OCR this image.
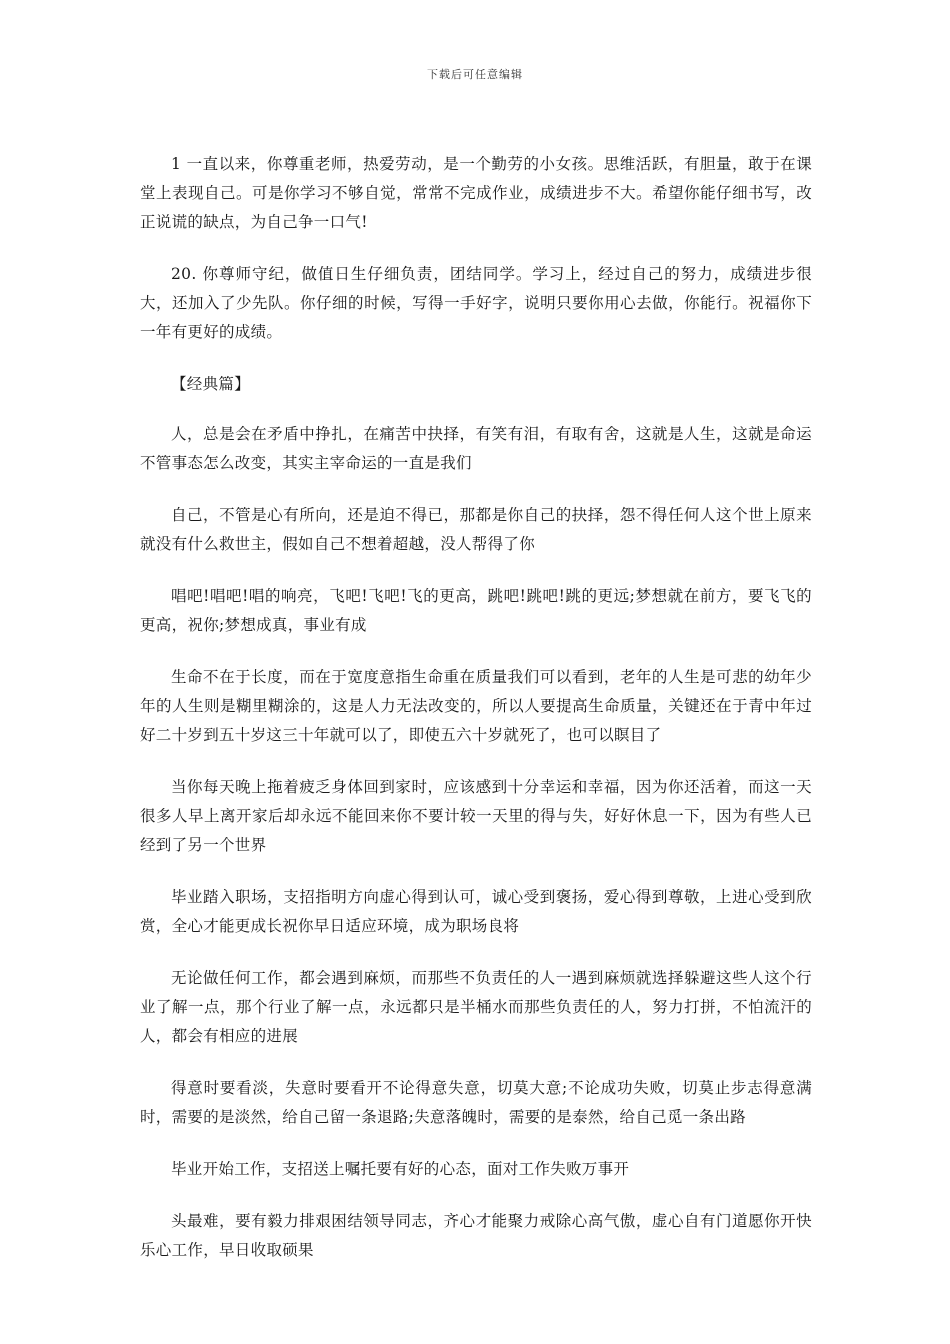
下载后可任意编辑

1 一直以来，你尊重老师，热爱劳动，是一个勤劳的小女孩。思维活跃，有胆量，敢于在课堂上表现自己。可是你学习不够自觉，常常不完成作业，成绩进步不大。希望你能仔细书写，改正说谎的缺点，为自己争一口气!

20. 你尊师守纪，做值日生仔细负责，团结同学。学习上，经过自己的努力，成绩进步很大，还加入了少先队。你仔细的时候，写得一手好字，说明只要你用心去做，你能行。祝福你下一年有更好的成绩。

【经典篇】

人，总是会在矛盾中挣扎，在痛苦中抉择，有笑有泪，有取有舍，这就是人生，这就是命运不管事态怎么改变，其实主宰命运的一直是我们

自己，不管是心有所向，还是迫不得已，那都是你自己的抉择，怨不得任何人这个世上原来就没有什么救世主，假如自己不想着超越，没人帮得了你

唱吧!唱吧!唱的响亮，飞吧!飞吧!飞的更高，跳吧!跳吧!跳的更远;梦想就在前方，要飞飞的更高，祝你;梦想成真，事业有成

生命不在于长度，而在于宽度意指生命重在质量我们可以看到，老年的人生是可悲的幼年少年的人生则是糊里糊涂的，这是人力无法改变的，所以人要提高生命质量，关键还在于青中年过好二十岁到五十岁这三十年就可以了，即使五六十岁就死了，也可以瞑目了

当你每天晚上拖着疲乏身体回到家时，应该感到十分幸运和幸福，因为你还活着，而这一天很多人早上离开家后却永远不能回来你不要计较一天里的得与失，好好休息一下，因为有些人已经到了另一个世界

毕业踏入职场，支招指明方向虚心得到认可，诚心受到褒扬，爱心得到尊敬，上进心受到欣赏，全心才能更成长祝你早日适应环境，成为职场良将

无论做任何工作，都会遇到麻烦，而那些不负责任的人一遇到麻烦就选择躲避这些人这个行业了解一点，那个行业了解一点，永远都只是半桶水而那些负责任的人，努力打拼，不怕流汗的人，都会有相应的进展

得意时要看淡，失意时要看开不论得意失意，切莫大意;不论成功失败，切莫止步志得意满时，需要的是淡然，给自己留一条退路;失意落魄时，需要的是泰然，给自己觅一条出路

毕业开始工作，支招送上嘱托要有好的心态，面对工作失败万事开

头最难，要有毅力排艰困结领导同志，齐心才能聚力戒除心高气傲，虚心自有门道愿你开快乐心工作，早日收取硕果
